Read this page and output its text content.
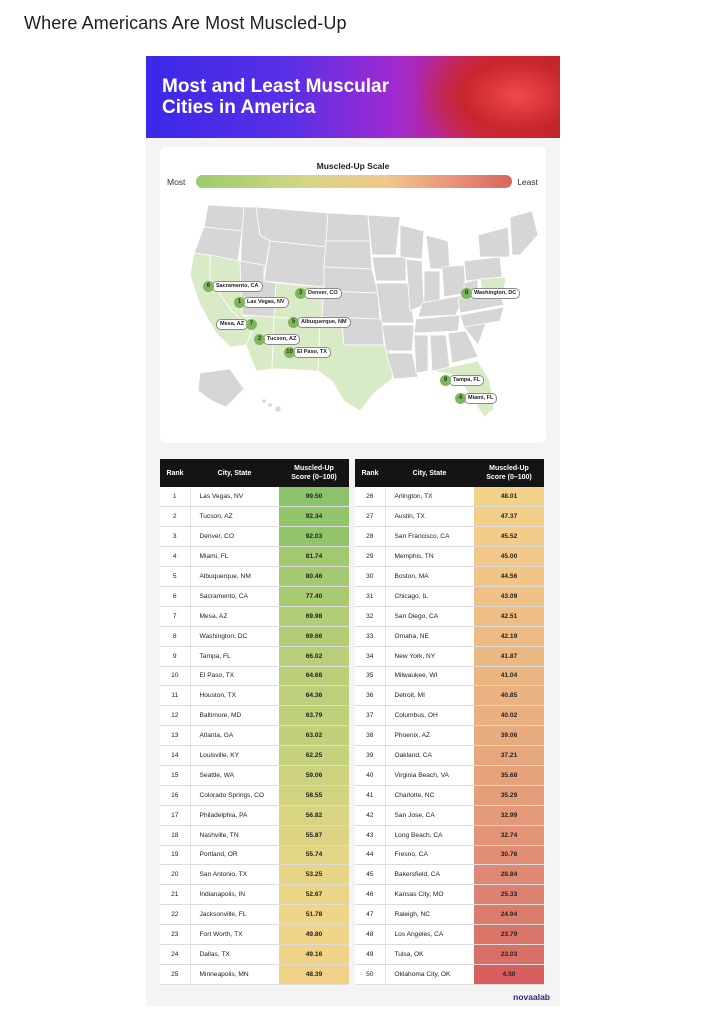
Where Americans Are Most Muscled-Up
Most and Least Muscular
Cities in America
Muscled-Up Scale
Most	Least
6	Sacramento, CA
1	Las Vegas, NV
3	Denver, CO	8	Washington, DC
5	Albuquerque, NM
Mesa, AZ 7
2	Tucson, AZ
10 El Paso, TX
9	Tampa, FL
4	Miami, FL
Rank	City, State	Muscled-Up
Score (0–100)

1	Las Vegas, NV	99.50
2	Tucson, AZ	92.34
3	Denver, CO	92.03
4	Miami, FL	81.74
5	Albuquerque, NM	80.46
6	Sacramento, CA	77.40
7	Mesa, AZ	69.98
8	Washington, DC	69.66
9	Tampa, FL	66.02
10	El Paso, TX	64.68
11	Houston, TX	64.36
12	Baltimore, MD	63.79
13	Atlanta, GA	63.02
14	Louisville, KY	62.25
15	Seattle, WA	59.06
16	Colorado Springs, CO	58.55
17	Philadelphia, PA	56.82
18	Nashville, TN	55.87
19	Portland, OR	55.74
20	San Antonio, TX	53.25
21	Indianapolis, IN	52.67
22	Jacksonville, FL	51.78
23	Fort Worth, TX	49.80
24	Dallas, TX	49.16
25	Minneapolis, MN	48.39
Rank	City, State	Muscled-Up
Score (0–100)

26	Arlington, TX	48.01
27	Austin, TX	47.37
28	San Francisco, CA	45.52
29	Memphis, TN	45.00
30	Boston, MA	44.56
31	Chicago, IL	43.09
32	San Diego, CA	42.51
33	Omaha, NE	42.19
34	New York, NY	41.87
35	Milwaukee, WI	41.04
36	Detroit, MI	40.85
37	Columbus, OH	40.02
38	Phoenix, AZ	39.06
39	Oakland, CA	37.21
40	Virginia Beach, VA	35.68
41	Charlotte, NC	35.29
42	San Jose, CA	32.99
43	Long Beach, CA	32.74
44	Fresno, CA	30.76
45	Bakersfield, CA	28.84
46	Kansas City, MO	25.33
47	Raleigh, NC	24.94
48	Los Angeles, CA	23.79
49	Tulsa, OK	23.03
50	Oklahoma City, OK	4.50
novaalab
